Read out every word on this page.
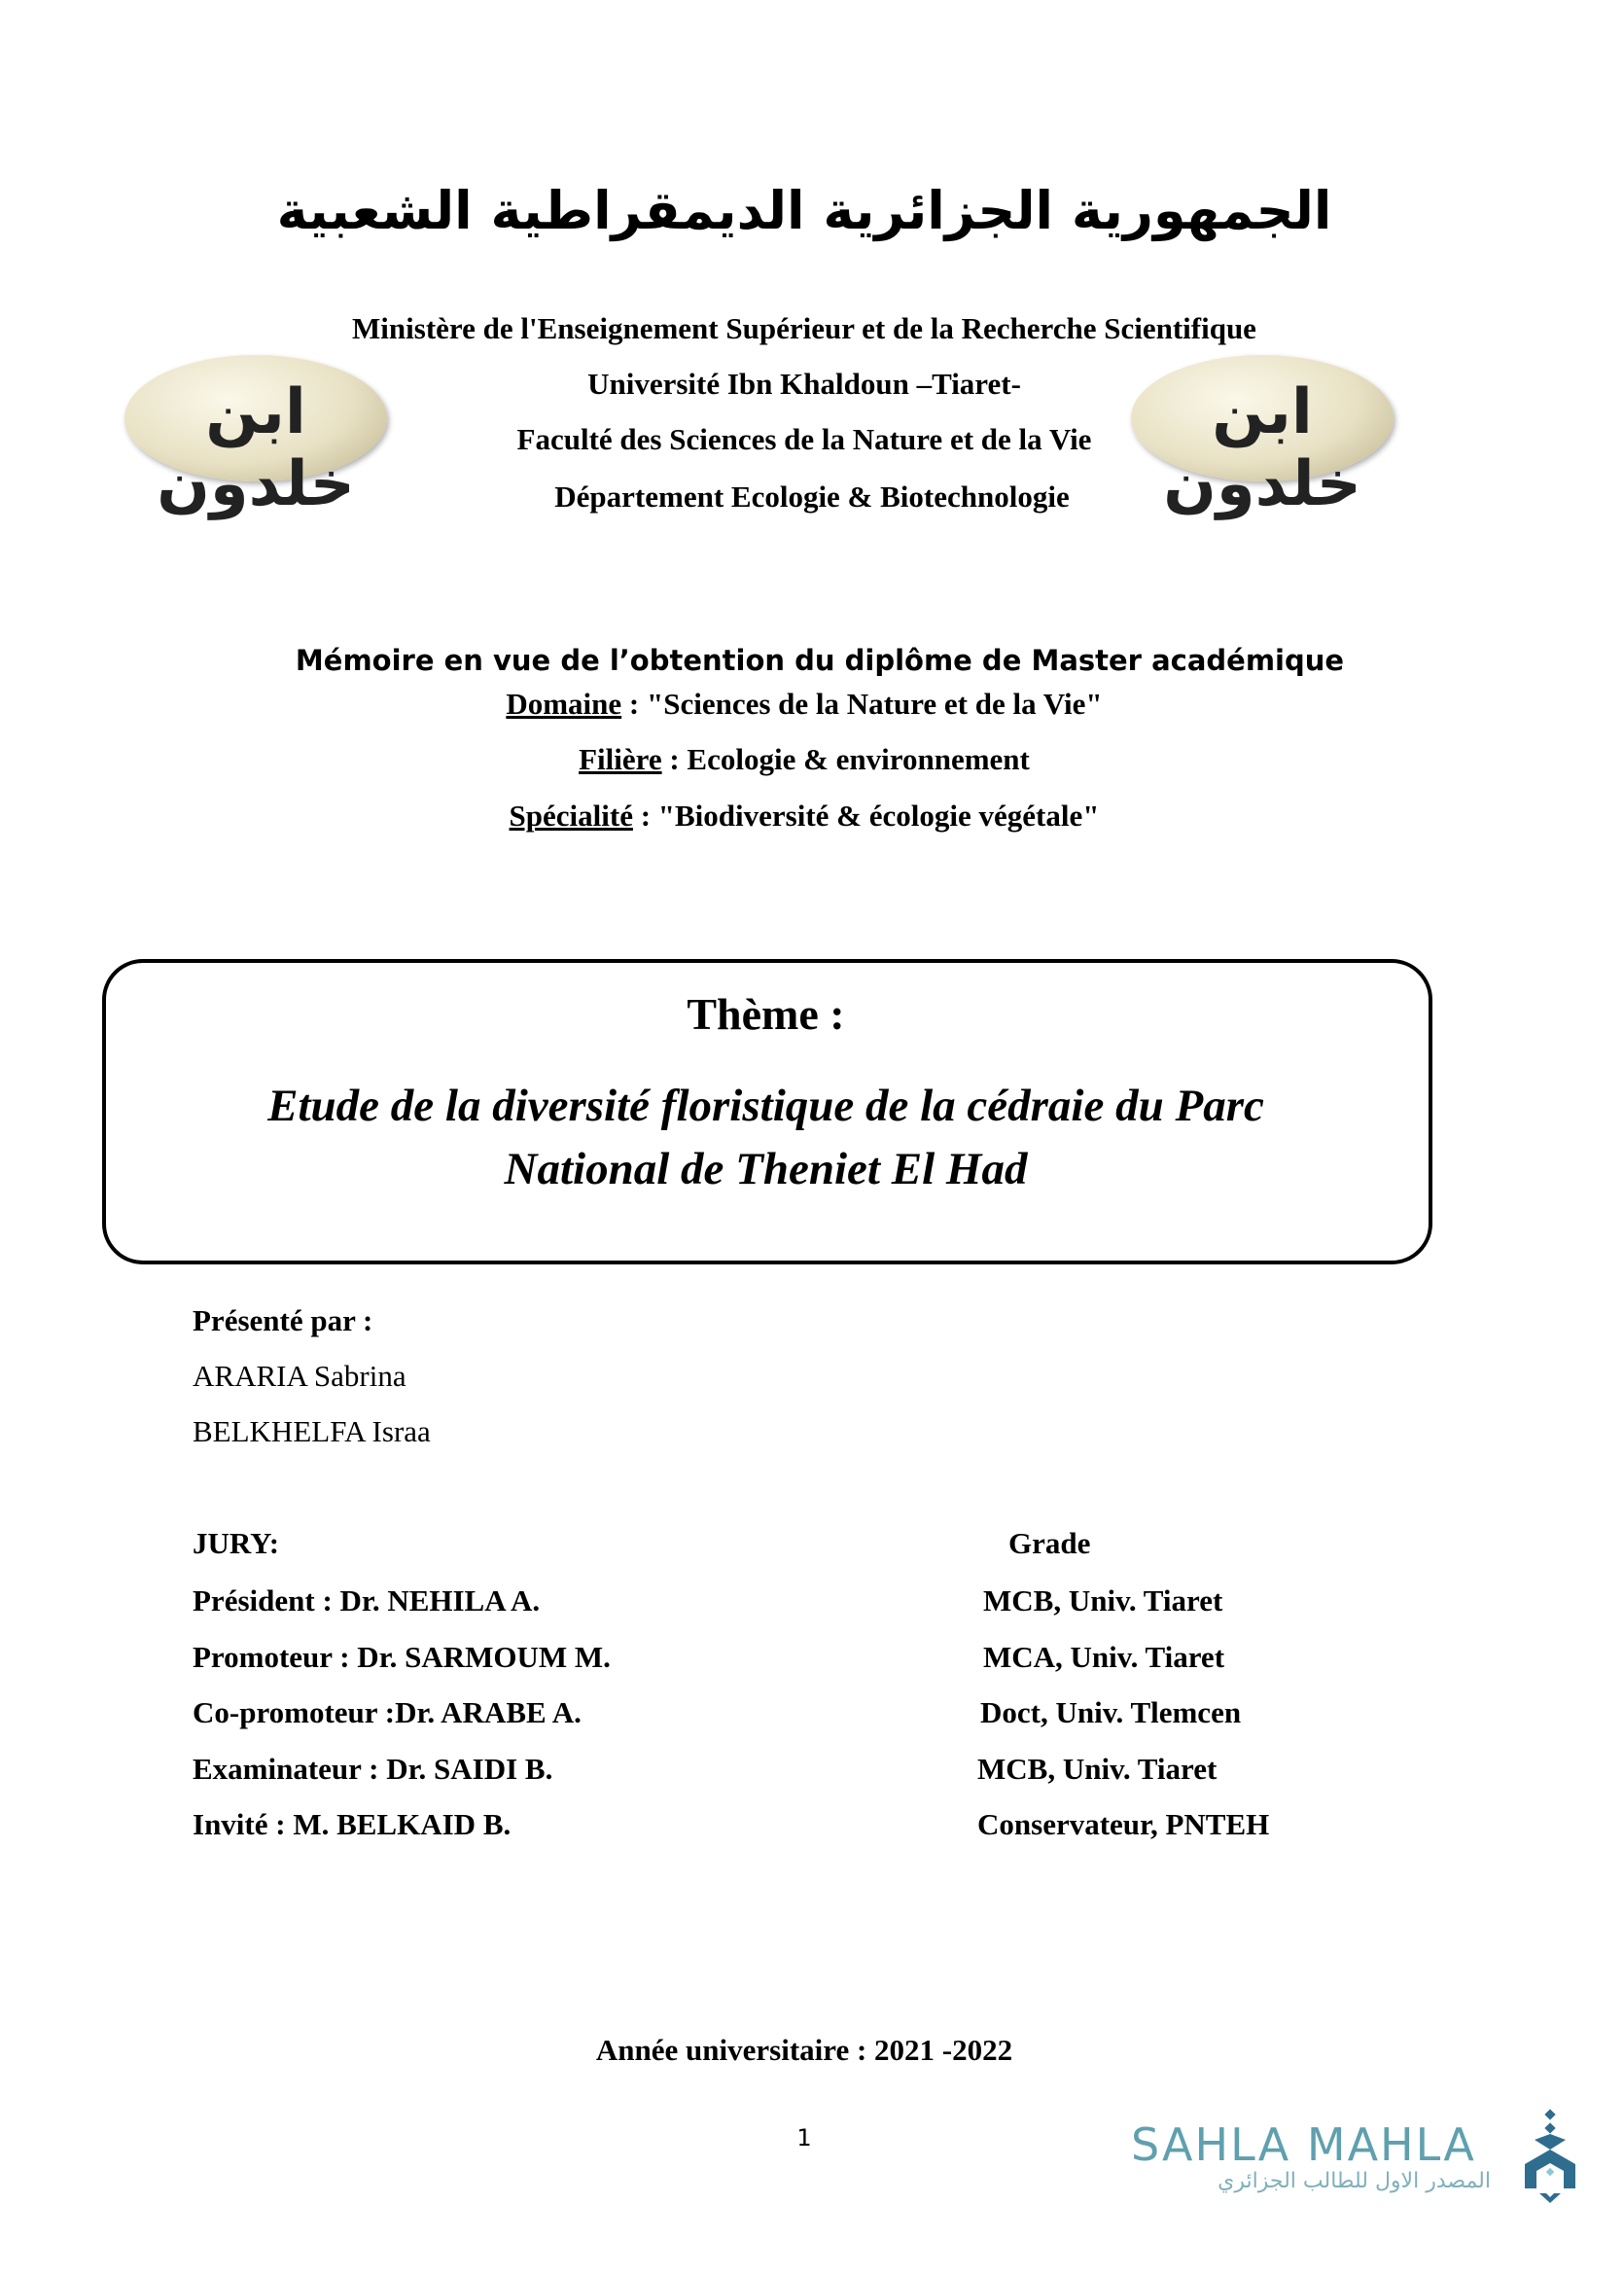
الجمهورية الجزائرية الديمقراطية الشعبية
Ministère de l'Enseignement Supérieur et de la Recherche Scientifique
Université Ibn Khaldoun –Tiaret-
Faculté des Sciences de la Nature et de la Vie
Département Ecologie & Biotechnologie
ابن خلدون
ابن خلدون
Mémoire en vue de l’obtention du diplôme de Master académique
Domaine : "Sciences de la Nature et de la Vie"
Filière : Ecologie & environnement
Spécialité : "Biodiversité & écologie végétale"
Thème :
Etude de la diversité floristique de la cédraie du Parc
National de Theniet El Had
Présenté par :
ARARIA Sabrina
BELKHELFA Israa
JURY:	Grade
Président : Dr. NEHILA A.	MCB, Univ. Tiaret
Promoteur : Dr. SARMOUM M.	MCA, Univ. Tiaret
Co-promoteur :Dr. ARABE A.	Doct, Univ. Tlemcen
Examinateur : Dr. SAIDI B.	MCB, Univ. Tiaret
Invité : M. BELKAID B.	Conservateur, PNTEH
Année universitaire : 2021 -2022
1	SAHLA MAHLA
المصدر الاول للطالب الجزائري
